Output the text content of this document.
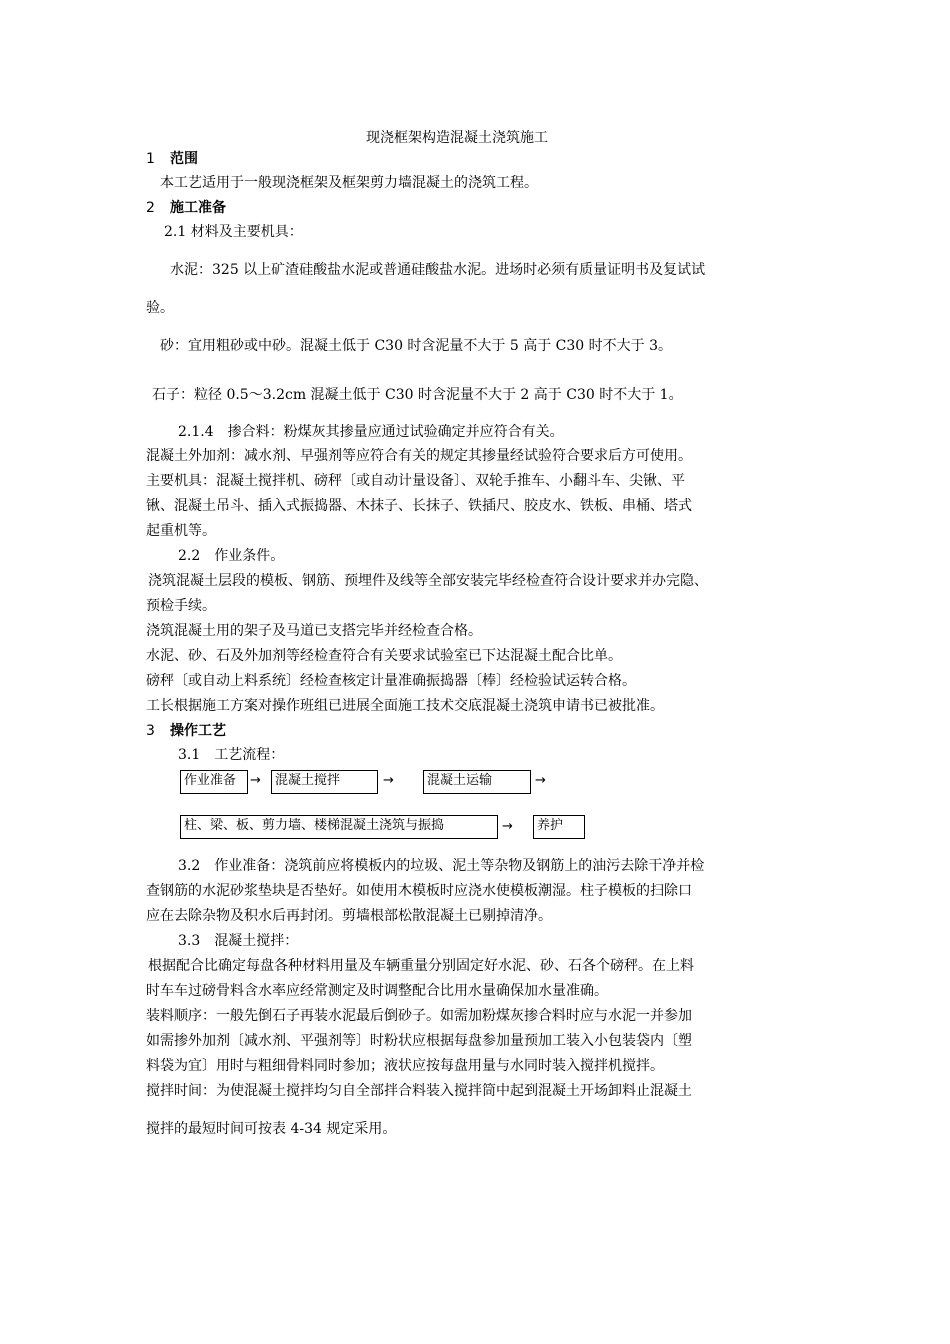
现浇框架构造混凝土浇筑施工
1 范围
本工艺适用于一般现浇框架及框架剪力墙混凝土的浇筑工程。
2 施工准备
2.1 材料及主要机具：
水泥：325 以上矿渣硅酸盐水泥或普通硅酸盐水泥。进场时必须有质量证明书及复试试
验。
砂：宜用粗砂或中砂。混凝土低于 C30 时含泥量不大于 5 高于 C30 时不大于 3。
石子：粒径 0.5～3.2cm 混凝土低于 C30 时含泥量不大于 2 高于 C30 时不大于 1。
2.1.4　掺合料：粉煤灰其掺量应通过试验确定并应符合有关。
混凝土外加剂：减水剂、早强剂等应符合有关的规定其掺量经试验符合要求后方可使用。
主要机具：混凝土搅拌机、磅秤〔或自动计量设备〕、双轮手推车、小翻斗车、尖锹、平
锹、混凝土吊斗、插入式振捣器、木抹子、长抹子、铁插尺、胶皮水、铁板、串桶、塔式
起重机等。
2.2　作业条件。
浇筑混凝土层段的模板、钢筋、预埋件及线等全部安装完毕经检查符合设计要求并办完隐、
预检手续。
浇筑混凝土用的架子及马道已支搭完毕并经检查合格。
水泥、砂、石及外加剂等经检查符合有关要求试验室已下达混凝土配合比单。
磅秤〔或自动上料系统〕经检查核定计量准确振捣器〔棒〕经检验试运转合格。
工长根据施工方案对操作班组已进展全面施工技术交底混凝土浇筑申请书已被批准。
3 操作工艺
3.1　工艺流程：
作业准备	→	混凝土搅拌	→	混凝土运输	→
柱、梁、板、剪力墙、楼梯混凝土浇筑与振捣	→	养护
3.2　作业准备：浇筑前应将模板内的垃圾、泥土等杂物及钢筋上的油污去除干净并检
查钢筋的水泥砂浆垫块是否垫好。如使用木模板时应浇水使模板潮湿。柱子模板的扫除口
应在去除杂物及积水后再封闭。剪墙根部松散混凝土已剔掉清净。
3.3　混凝土搅拌：
根据配合比确定每盘各种材料用量及车辆重量分别固定好水泥、砂、石各个磅秤。在上料
时车车过磅骨料含水率应经常测定及时调整配合比用水量确保加水量准确。
装料顺序：一般先倒石子再装水泥最后倒砂子。如需加粉煤灰掺合料时应与水泥一并参加
如需掺外加剂〔减水剂、平强剂等〕时粉状应根据每盘参加量预加工装入小包装袋内〔塑
料袋为宜〕用时与粗细骨料同时参加；液状应按每盘用量与水同时装入搅拌机搅拌。
搅拌时间：为使混凝土搅拌均匀自全部拌合料装入搅拌筒中起到混凝土开场卸料止混凝土
搅拌的最短时间可按表 4-34 规定采用。
